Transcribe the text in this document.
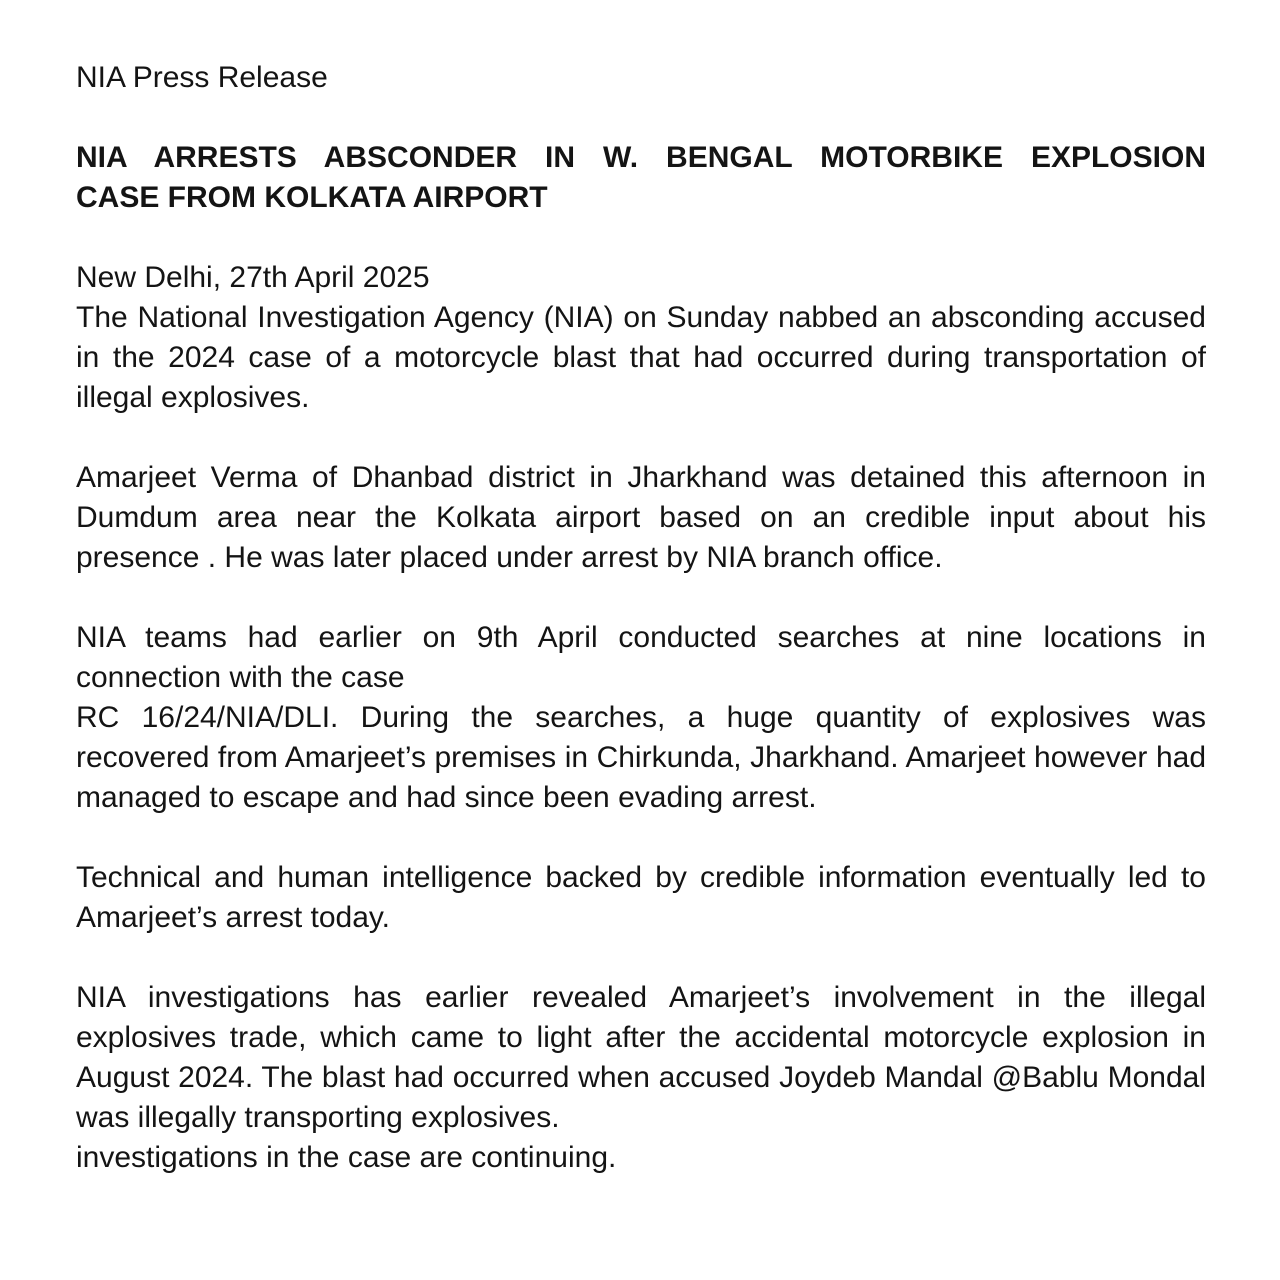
NIA Press Release

NIA ARRESTS ABSCONDER IN W. BENGAL MOTORBIKE EXPLOSION
CASE FROM KOLKATA AIRPORT

New Delhi, 27th April 2025

The National Investigation Agency (NIA) on Sunday nabbed an absconding accused in the 2024 case of a motorcycle blast that had occurred during transportation of illegal explosives.

Amarjeet Verma of Dhanbad district in Jharkhand was detained this afternoon in Dumdum area near the Kolkata airport based on an credible input about his presence . He was later placed under arrest by NIA branch office.

NIA teams had earlier on 9th April conducted searches at nine locations in connection with the case
RC 16/24/NIA/DLI. During the searches, a huge quantity of explosives was recovered from Amarjeet’s premises in Chirkunda, Jharkhand. Amarjeet however had managed to escape and had since been evading arrest.

Technical and human intelligence backed by credible information eventually led to Amarjeet’s arrest today.

NIA investigations has earlier revealed Amarjeet’s involvement in the illegal explosives trade, which came to light after the accidental motorcycle explosion in August 2024. The blast had occurred when accused Joydeb Mandal @Bablu Mondal was illegally transporting explosives.
investigations in the case are continuing.
